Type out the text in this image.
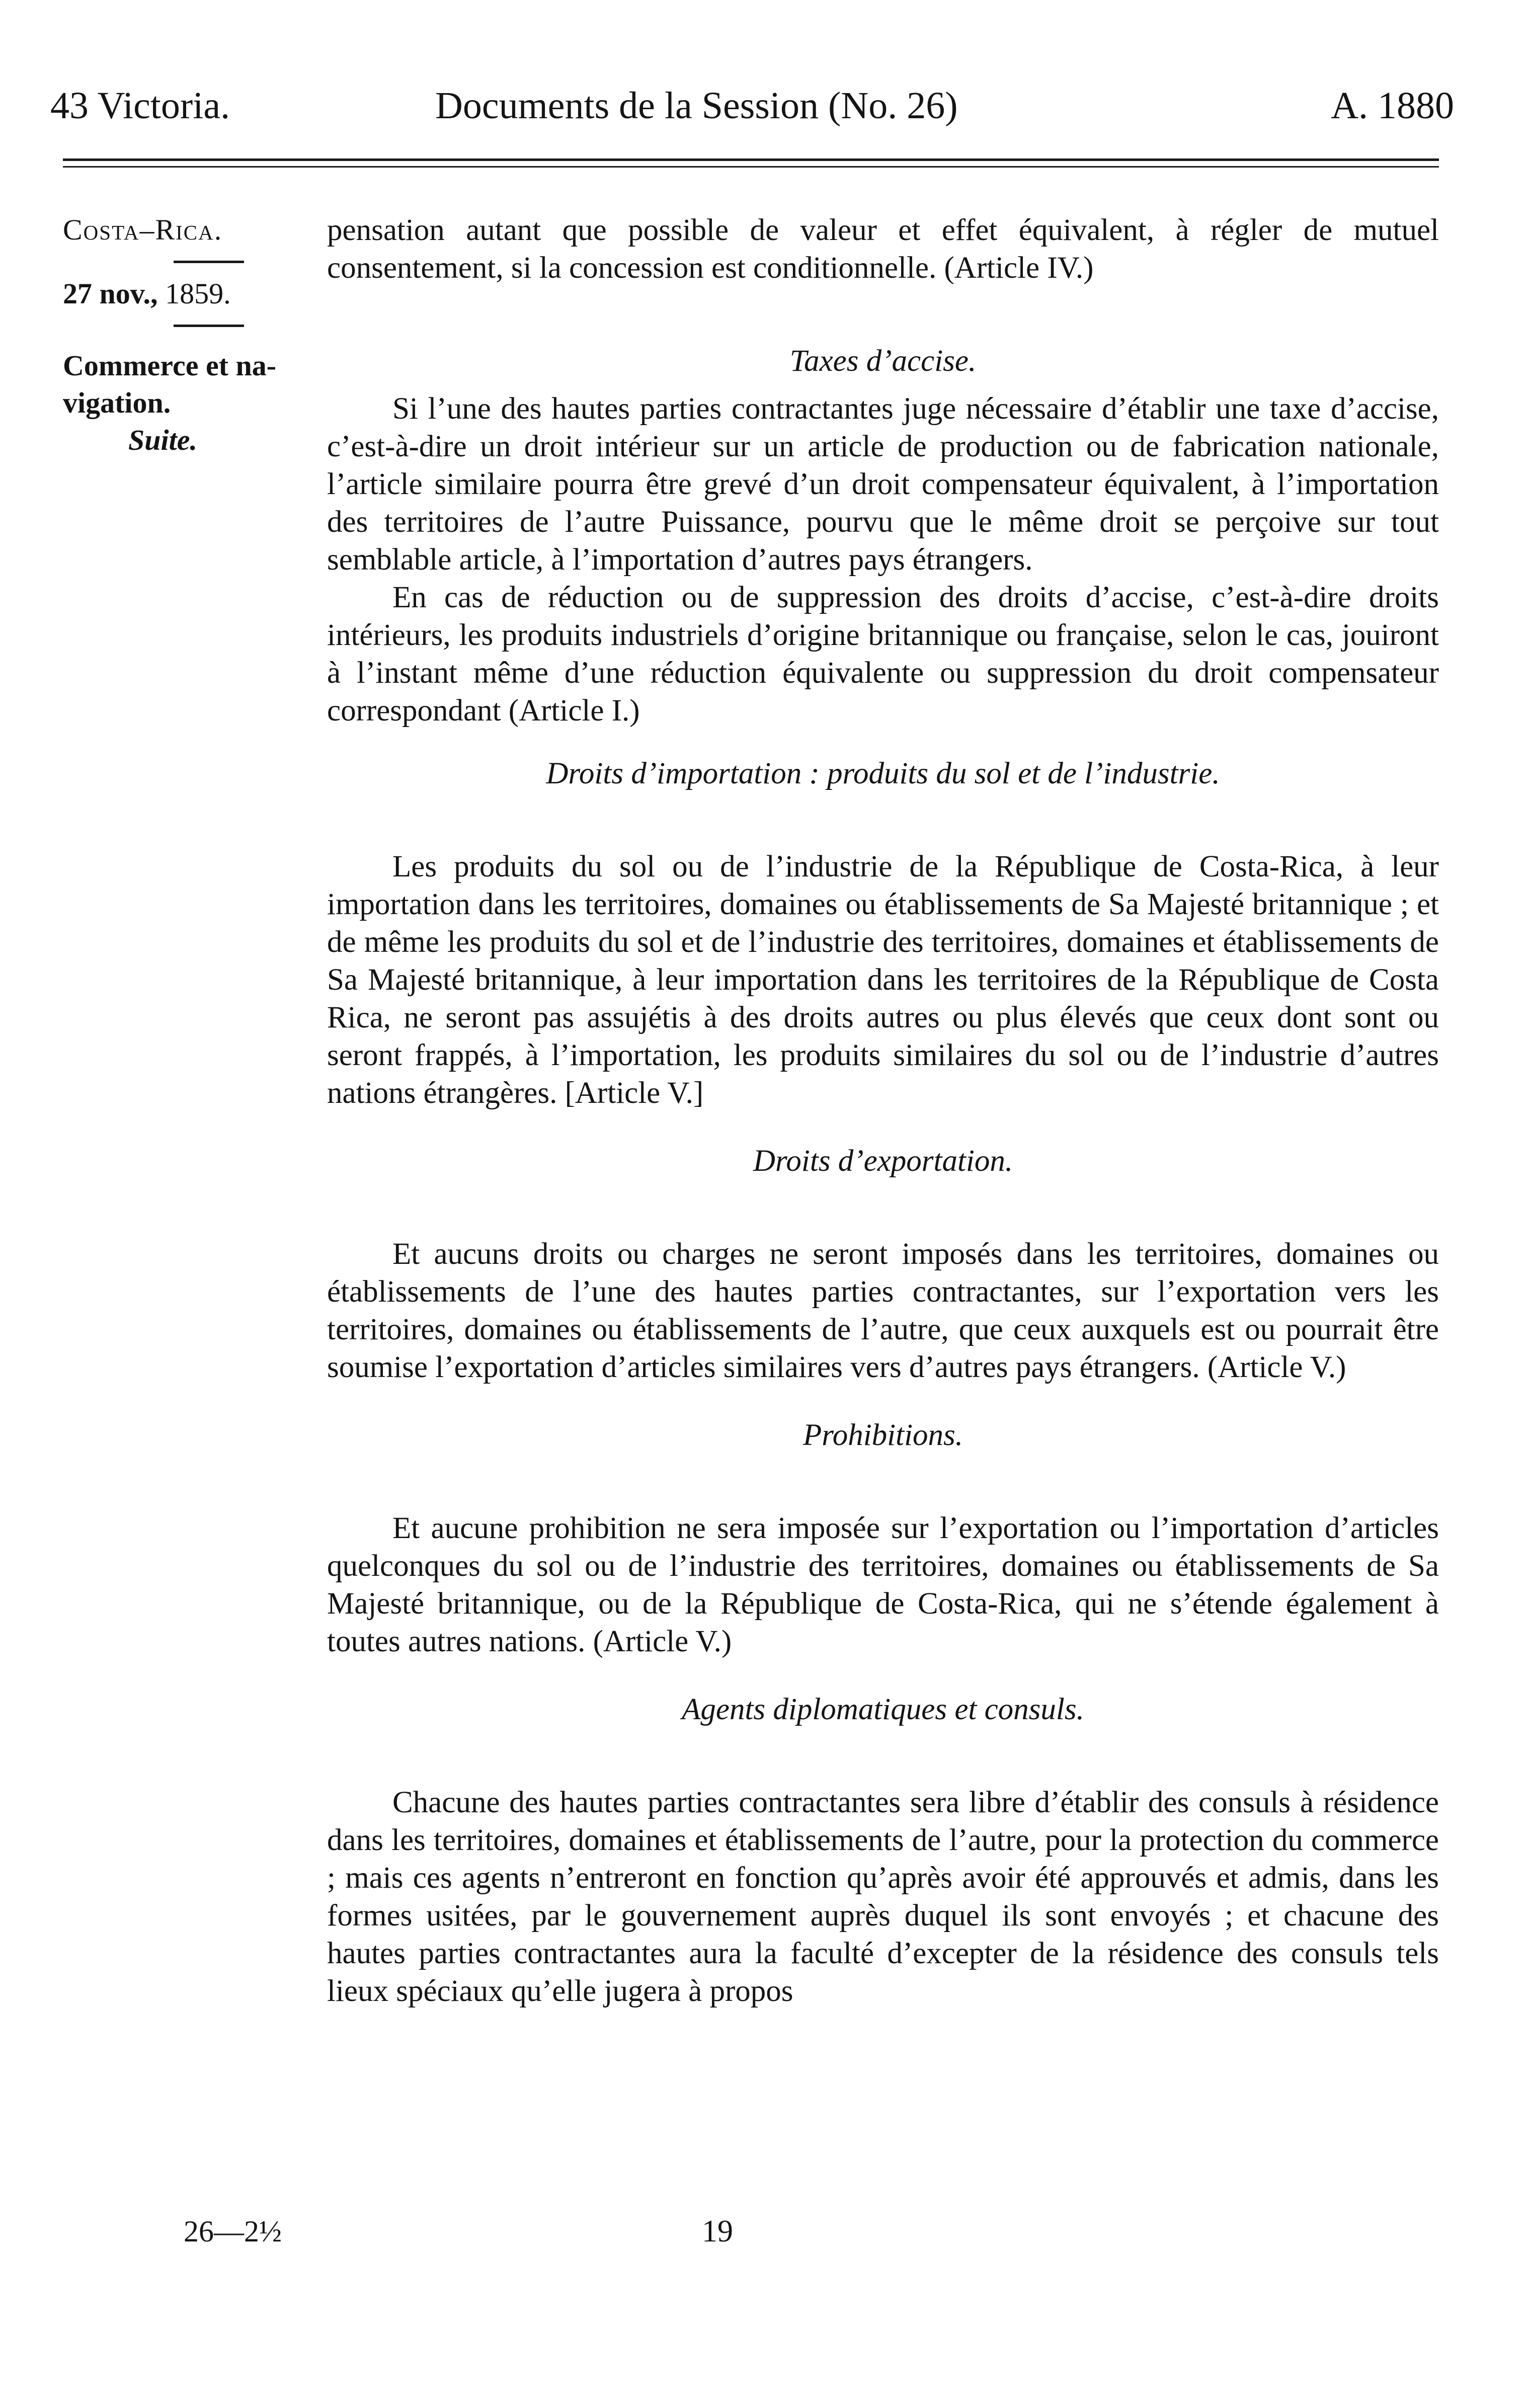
43 Victoria.	Documents de la Session (No. 26)	A. 1880
Costa–Rica.
27 nov., 1859.
Commerce et na-
vigation.
Suite.

pensation autant que possible de valeur et effet équivalent, à régler de mutuel consentement, si la concession est conditionnelle. (Article IV.)

Taxes d’accise.

Si l’une des hautes parties contractantes juge nécessaire d’établir une taxe d’accise, c’est-à-dire un droit intérieur sur un article de production ou de fabrication nationale, l’article similaire pourra être grevé d’un droit compensateur équivalent, à l’importation des territoires de l’autre Puissance, pourvu que le même droit se perçoive sur tout semblable article, à l’importation d’autres pays étrangers.

En cas de réduction ou de suppression des droits d’accise, c’est-à-dire droits intérieurs, les produits industriels d’origine britannique ou française, selon le cas, jouiront à l’instant même d’une réduction équivalente ou suppression du droit compensateur correspondant (Article I.)

Droits d’importation : produits du sol et de l’industrie.

Les produits du sol ou de l’industrie de la République de Costa-Rica, à leur importation dans les territoires, domaines ou établissements de Sa Majesté britannique ; et de même les produits du sol et de l’industrie des territoires, domaines et établissements de Sa Majesté britannique, à leur importation dans les territoires de la République de Costa Rica, ne seront pas assujétis à des droits autres ou plus élevés que ceux dont sont ou seront frappés, à l’importation, les produits similaires du sol ou de l’industrie d’autres nations étrangères. [Article V.]

Droits d’exportation.

Et aucuns droits ou charges ne seront imposés dans les territoires, domaines ou établissements de l’une des hautes parties contractantes, sur l’exportation vers les territoires, domaines ou établissements de l’autre, que ceux auxquels est ou pourrait être soumise l’exportation d’articles similaires vers d’autres pays étrangers. (Article V.)

Prohibitions.

Et aucune prohibition ne sera imposée sur l’exportation ou l’importation d’articles quelconques du sol ou de l’industrie des territoires, domaines ou établissements de Sa Majesté britannique, ou de la République de Costa-Rica, qui ne s’étende également à toutes autres nations. (Article V.)

Agents diplomatiques et consuls.

Chacune des hautes parties contractantes sera libre d’établir des consuls à résidence dans les territoires, domaines et établissements de l’autre, pour la protection du commerce ; mais ces agents n’entreront en fonction qu’après avoir été approuvés et admis, dans les formes usitées, par le gouvernement auprès duquel ils sont envoyés ; et chacune des hautes parties contractantes aura la faculté d’excepter de la résidence des consuls tels lieux spéciaux qu’elle jugera à propos

26—2½	19
